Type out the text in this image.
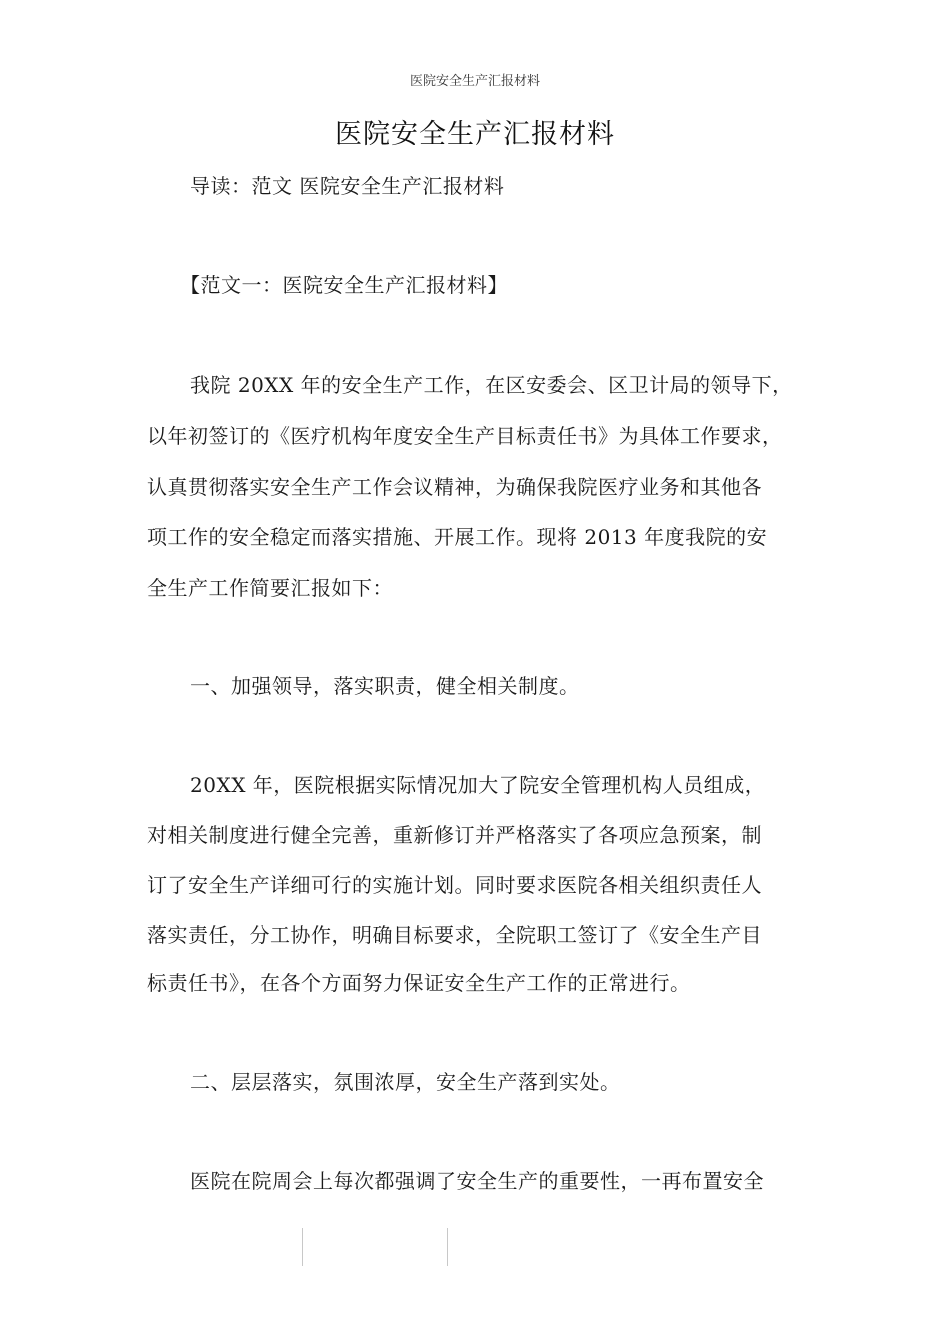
医院安全生产汇报材料
医院安全生产汇报材料
导读：范文 医院安全生产汇报材料
【范文一：医院安全生产汇报材料】
我院 20XX 年的安全生产工作，在区安委会、区卫计局的领导下，
以年初签订的《医疗机构年度安全生产目标责任书》为具体工作要求，
认真贯彻落实安全生产工作会议精神，为确保我院医疗业务和其他各
项工作的安全稳定而落实措施、开展工作。现将 2013 年度我院的安
全生产工作简要汇报如下：
一、加强领导，落实职责，健全相关制度。
20XX 年，医院根据实际情况加大了院安全管理机构人员组成，
对相关制度进行健全完善，重新修订并严格落实了各项应急预案，制
订了安全生产详细可行的实施计划。同时要求医院各相关组织责任人
落实责任，分工协作，明确目标要求，全院职工签订了《安全生产目
标责任书》，在各个方面努力保证安全生产工作的正常进行。
二、层层落实，氛围浓厚，安全生产落到实处。
医院在院周会上每次都强调了安全生产的重要性，一再布置安全
